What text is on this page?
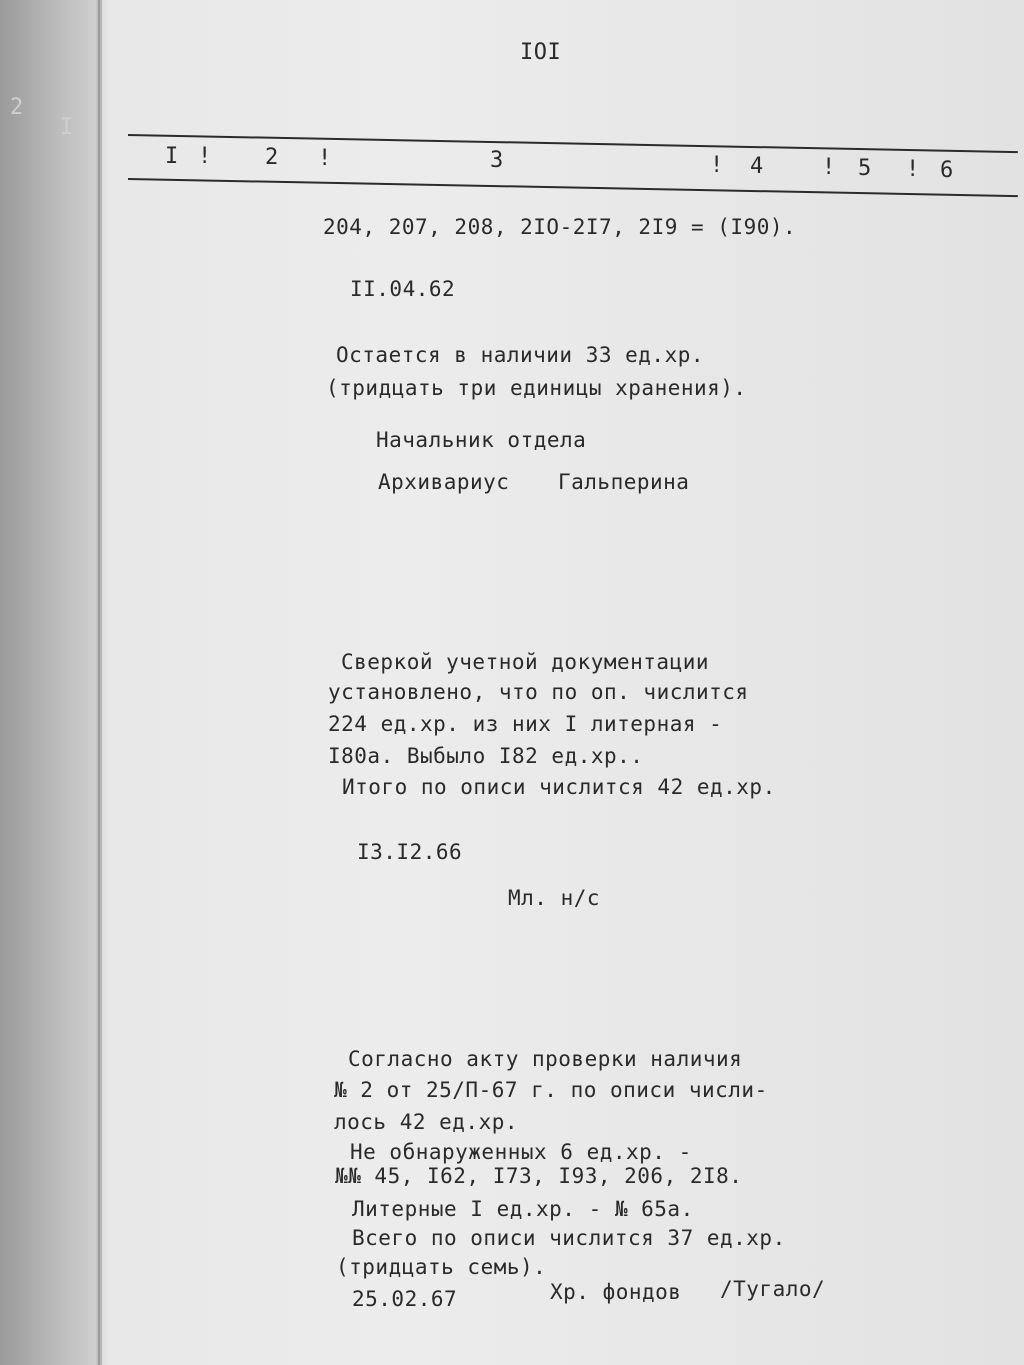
2
I
IOI
I ! 2 !	3	! 4	! 5 ! 6
204, 207, 208, 2IO-2I7, 2I9 = (I90).
II.04.62
Остается в наличии 33 ед.хр.
(тридцать три единицы хранения).
Начальник отдела
Архивариус Гальперина
Сверкой учетной документации
установлено, что по оп. числится
224 ед.хр. из них I литерная -
I80а. Выбыло I82 ед.хр..
Итого по описи числится 42 ед.хр.
I3.I2.66
Мл. н/с
Согласно акту проверки наличия
№ 2 от 25/П-67 г. по описи числи-
лось 42 ед.хр.
Не обнаруженных 6 ед.хр. -
№№ 45, I62, I73, I93, 206, 2I8.
Литерные I ед.хр. - № 65а.
Всего по описи числится 37 ед.хр.
(тридцать семь).
25.02.67	Хр. фондов /Тугало/
